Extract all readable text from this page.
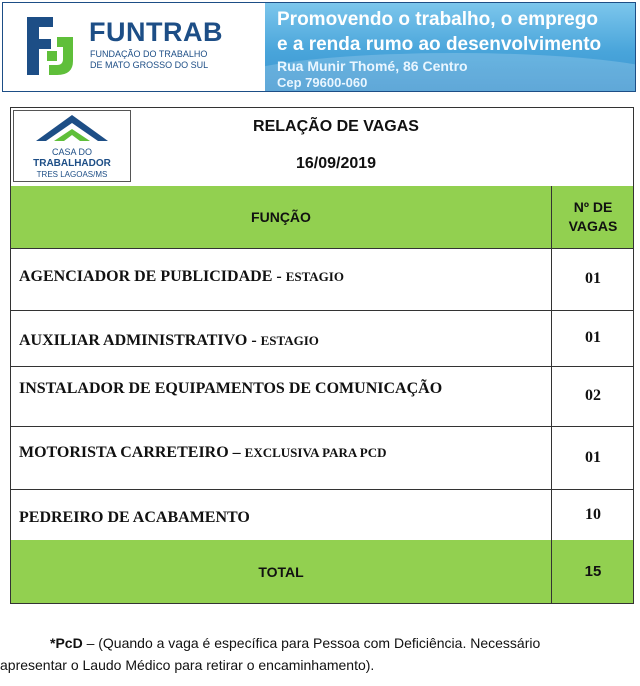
FUNTRAB
FUNDAÇÃO DO TRABALHO
DE MATO GROSSO DO SUL
Promovendo o trabalho, o emprego
e a renda rumo ao desenvolvimento
Rua Munir Thomé, 86 Centro
Cep 79600-060
CASA DO
TRABALHADOR
TRES LAGOAS/MS
RELAÇÃO DE VAGAS
16/09/2019
FUNÇÃO
Nº DE
VAGAS
AGENCIADOR DE PUBLICIDADE - ESTAGIO	01
AUXILIAR ADMINISTRATIVO - ESTAGIO	01
INSTALADOR DE EQUIPAMENTOS DE COMUNICAÇÃO	02
MOTORISTA CARRETEIRO – EXCLUSIVA PARA PCD	01
PEDREIRO DE ACABAMENTO	10
TOTAL	15
*PcD – (Quando a vaga é específica para Pessoa com Deficiência. Necessário
apresentar o Laudo Médico para retirar o encaminhamento).
